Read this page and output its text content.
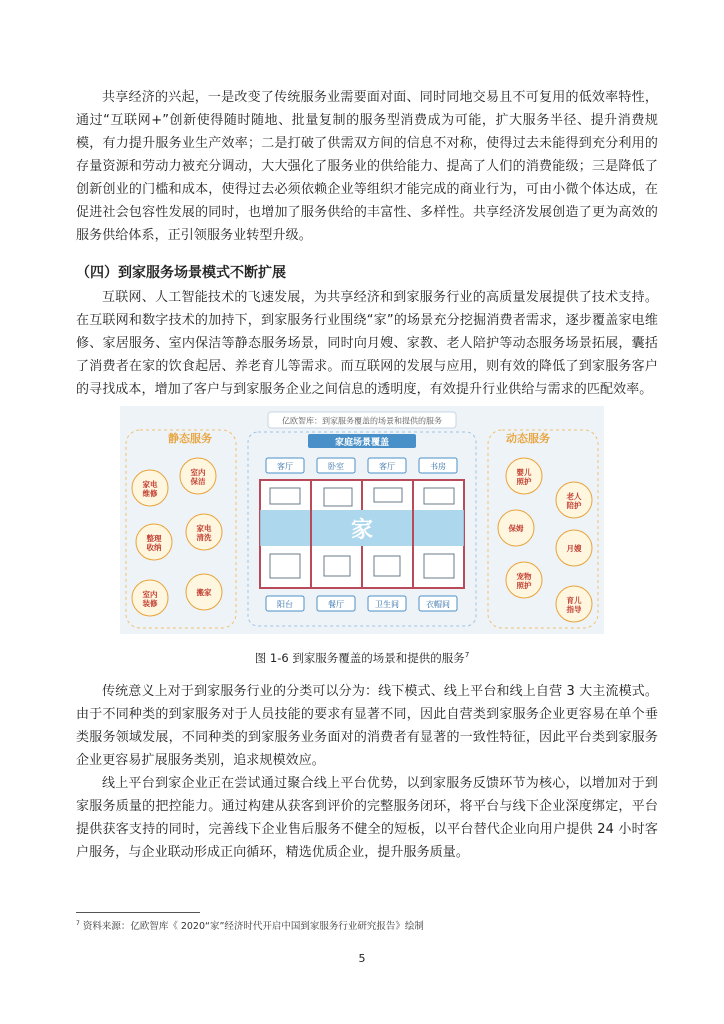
共享经济的兴起，一是改变了传统服务业需要面对面、同时同地交易且不可复用的低效率特性，通过“互联网+”创新使得随时随地、批量复制的服务型消费成为可能，扩大服务半径、提升消费规模，有力提升服务业生产效率；二是打破了供需双方间的信息不对称，使得过去未能得到充分利用的存量资源和劳动力被充分调动，大大强化了服务业的供给能力、提高了人们的消费能级；三是降低了创新创业的门槛和成本，使得过去必须依赖企业等组织才能完成的商业行为，可由小微个体达成，在促进社会包容性发展的同时，也增加了服务供给的丰富性、多样性。共享经济发展创造了更为高效的服务供给体系，正引领服务业转型升级。

（四）到家服务场景模式不断扩展

互联网、人工智能技术的飞速发展，为共享经济和到家服务行业的高质量发展提供了技术支持。在互联网和数字技术的加持下，到家服务行业围绕“家”的场景充分挖掘消费者需求，逐步覆盖家电维修、家居服务、室内保洁等静态服务场景，同时向月嫂、家教、老人陪护等动态服务场景拓展，囊括了消费者在家的饮食起居、养老育儿等需求。而互联网的发展与应用，则有效的降低了到家服务客户的寻找成本，增加了客户与到家服务企业之间信息的透明度，有效提升行业供给与需求的匹配效率。

亿欧智库：到家服务覆盖的场景和提供的服务
静态服务	动态服务
家电维修
室内保洁
家电清洗
整理收纳
室内装修
搬家
婴儿照护
老人陪护
保姆
月嫂
宠物照护
育儿指导
家庭场景覆盖
客厅	卧室	客厅	书房
阳台	餐厅	卫生间	衣帽间
家
图 1-6 到家服务覆盖的场景和提供的服务$^7$

传统意义上对于到家服务行业的分类可以分为：线下模式、线上平台和线上自营 3 大主流模式。由于不同种类的到家服务对于人员技能的要求有显著不同，因此自营类到家服务企业更容易在单个垂类服务领域发展，不同种类的到家服务业务面对的消费者有显著的一致性特征，因此平台类到家服务企业更容易扩展服务类别，追求规模效应。

线上平台到家企业正在尝试通过聚合线上平台优势，以到家服务反馈环节为核心，以增加对于到家服务质量的把控能力。通过构建从获客到评价的完整服务闭环，将平台与线下企业深度绑定，平台提供获客支持的同时，完善线下企业售后服务不健全的短板，以平台替代企业向用户提供 24 小时客户服务，与企业联动形成正向循环，精选优质企业，提升服务质量。

$^7$ 资料来源：亿欧智库《 2020“家”经济时代开启中国到家服务行业研究报告》绘制
5
